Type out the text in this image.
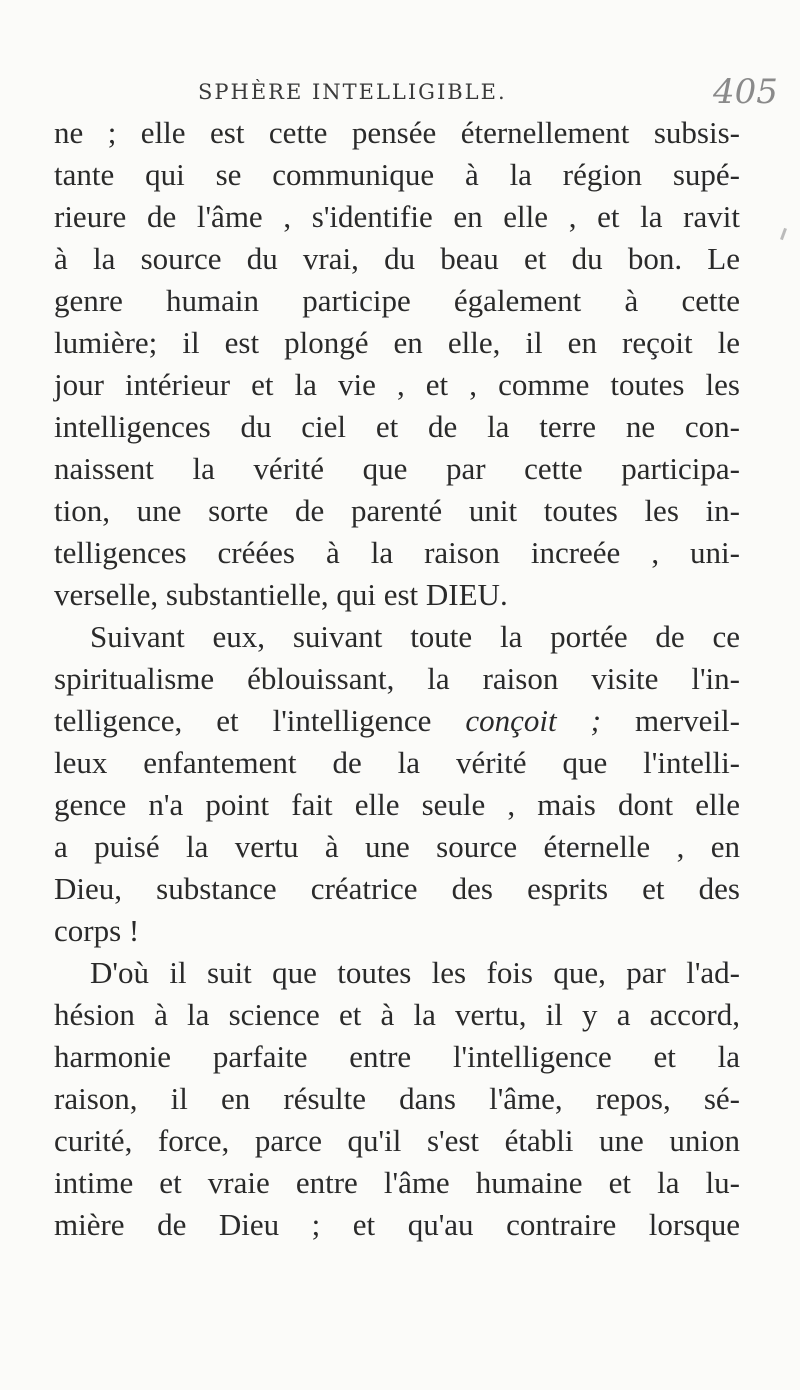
SPHÈRE INTELLIGIBLE.	405
ne ; elle est cette pensée éternellement subsis-
tante qui se communique à la région supé-
rieure de l'âme , s'identifie en elle , et la ravit
à la source du vrai, du beau et du bon. Le
genre humain participe également à cette
lumière; il est plongé en elle, il en reçoit le
jour intérieur et la vie , et , comme toutes les
intelligences du ciel et de la terre ne con-
naissent la vérité que par cette participa-
tion, une sorte de parenté unit toutes les in-
telligences créées à la raison increée , uni-
verselle, substantielle, qui est DIEU.
Suivant eux, suivant toute la portée de ce
spiritualisme éblouissant, la raison visite l'in-
telligence, et l'intelligence conçoit ; merveil-
leux enfantement de la vérité que l'intelli-
gence n'a point fait elle seule , mais dont elle
a puisé la vertu à une source éternelle , en
Dieu, substance créatrice des esprits et des
corps !
D'où il suit que toutes les fois que, par l'ad-
hésion à la science et à la vertu, il y a accord,
harmonie parfaite entre l'intelligence et la
raison, il en résulte dans l'âme, repos, sé-
curité, force, parce qu'il s'est établi une union
intime et vraie entre l'âme humaine et la lu-
mière de Dieu ; et qu'au contraire lorsque
